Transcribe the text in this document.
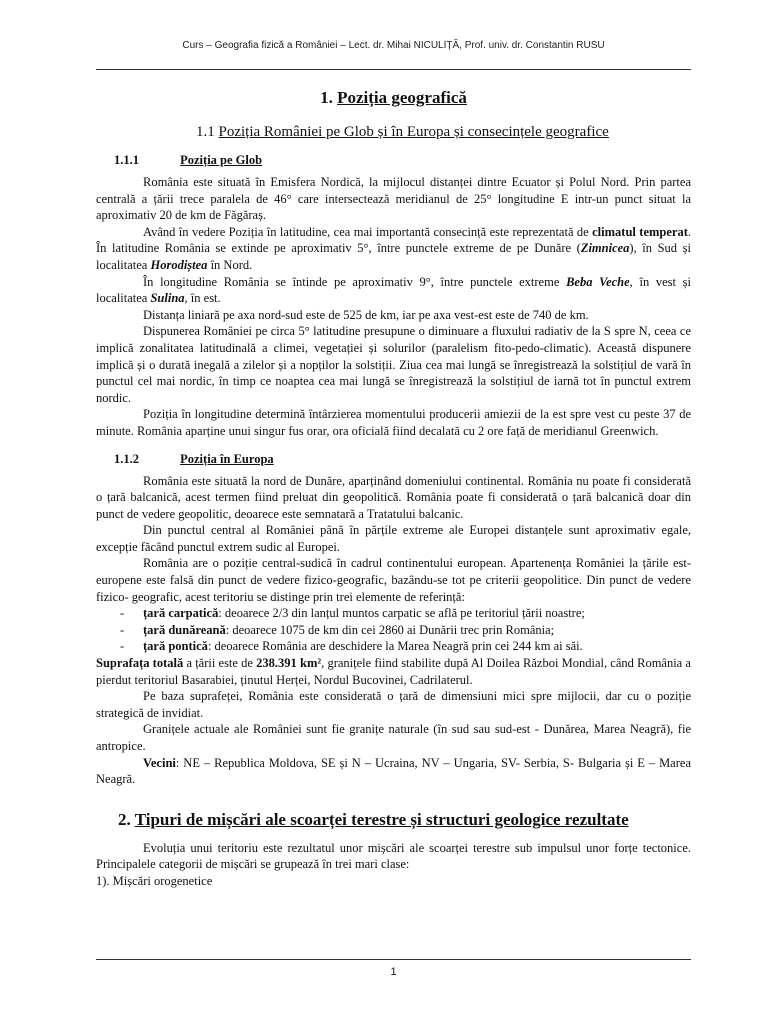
Curs – Geografia fizică a României – Lect. dr. Mihai NICULIȚĂ, Prof. univ. dr. Constantin RUSU
1. Poziția geografică
1.1 Poziția României pe Glob și în Europa și consecințele geografice
1.1.1	Poziția pe Glob

România este situată în Emisfera Nordică, la mijlocul distanței dintre Ecuator și Polul Nord. Prin partea centrală a țării trece paralela de 46° care intersectează meridianul de 25° longitudine E intr-un punct situat la aproximativ 20 de km de Făgăraș.

Având în vedere Poziția în latitudine, cea mai importantă consecință este reprezentată de climatul temperat. În latitudine România se extinde pe aproximativ 5°, între punctele extreme de pe Dunăre (Zimnicea), în Sud și localitatea Horodiștea în Nord.

În longitudine România se întinde pe aproximativ 9°, între punctele extreme Beba Veche, în vest și localitatea Sulina, în est.

Distanța liniară pe axa nord-sud este de 525 de km, iar pe axa vest-est este de 740 de km.

Dispunerea României pe circa 5° latitudine presupune o diminuare a fluxului radiativ de la S spre N, ceea ce implică zonalitatea latitudinală a climei, vegetației și solurilor (paralelism fito-pedo-climatic). Această dispunere implică și o durată inegală a zilelor și a nopților la solstiții. Ziua cea mai lungă se înregistrează la solstițiul de vară în punctul cel mai nordic, în timp ce noaptea cea mai lungă se înregistrează la solstițiul de iarnă tot în punctul extrem nordic.

Poziția în longitudine determină întârzierea momentului producerii amiezii de la est spre vest cu peste 37 de minute. România aparține unui singur fus orar, ora oficială fiind decalată cu 2 ore față de meridianul Greenwich.

1.1.2	Poziția în Europa

România este situată la nord de Dunăre, aparținând domeniului continental. România nu poate fi considerată o țară balcanică, acest termen fiind preluat din geopolitică. România poate fi considerată o țară balcanică doar din punct de vedere geopolitic, deoarece este semnatară a Tratatului balcanic.

Din punctul central al României până în părțile extreme ale Europei distanțele sunt aproximativ egale, excepție făcând punctul extrem sudic al Europei.

România are o poziție central-sudică în cadrul continentului european. Apartenența României la țările est-europene este falsă din punct de vedere fizico-geografic, bazându-se tot pe criterii geopolitice. Din punct de vedere fizico- geografic, acest teritoriu se distinge prin trei elemente de referință:

- țară carpatică: deoarece 2/3 din lanțul muntos carpatic se află pe teritoriul țării noastre;
- țară dunăreană: deoarece 1075 de km din cei 2860 ai Dunării trec prin România;
- țară pontică: deoarece România are deschidere la Marea Neagră prin cei 244 km ai săi.

Suprafața totală a țării este de 238.391 km², granițele fiind stabilite după Al Doilea Război Mondial, când România a pierdut teritoriul Basarabiei, ținutul Herței, Nordul Bucovinei, Cadrilaterul.

Pe baza suprafeței, România este considerată o țară de dimensiuni mici spre mijlocii, dar cu o poziție strategică de invidiat.

Granițele actuale ale României sunt fie granițe naturale (în sud sau sud-est - Dunărea, Marea Neagră), fie antropice.

Vecini: NE – Republica Moldova, SE și N – Ucraina, NV – Ungaria, SV- Serbia, S- Bulgaria și E – Marea Neagră.

2. Tipuri de mișcări ale scoarței terestre și structuri geologice rezultate

Evoluția unui teritoriu este rezultatul unor mișcări ale scoarței terestre sub impulsul unor forțe tectonice. Principalele categorii de mișcări se grupează în trei mari clase:

1). Mișcări orogenetice

1
